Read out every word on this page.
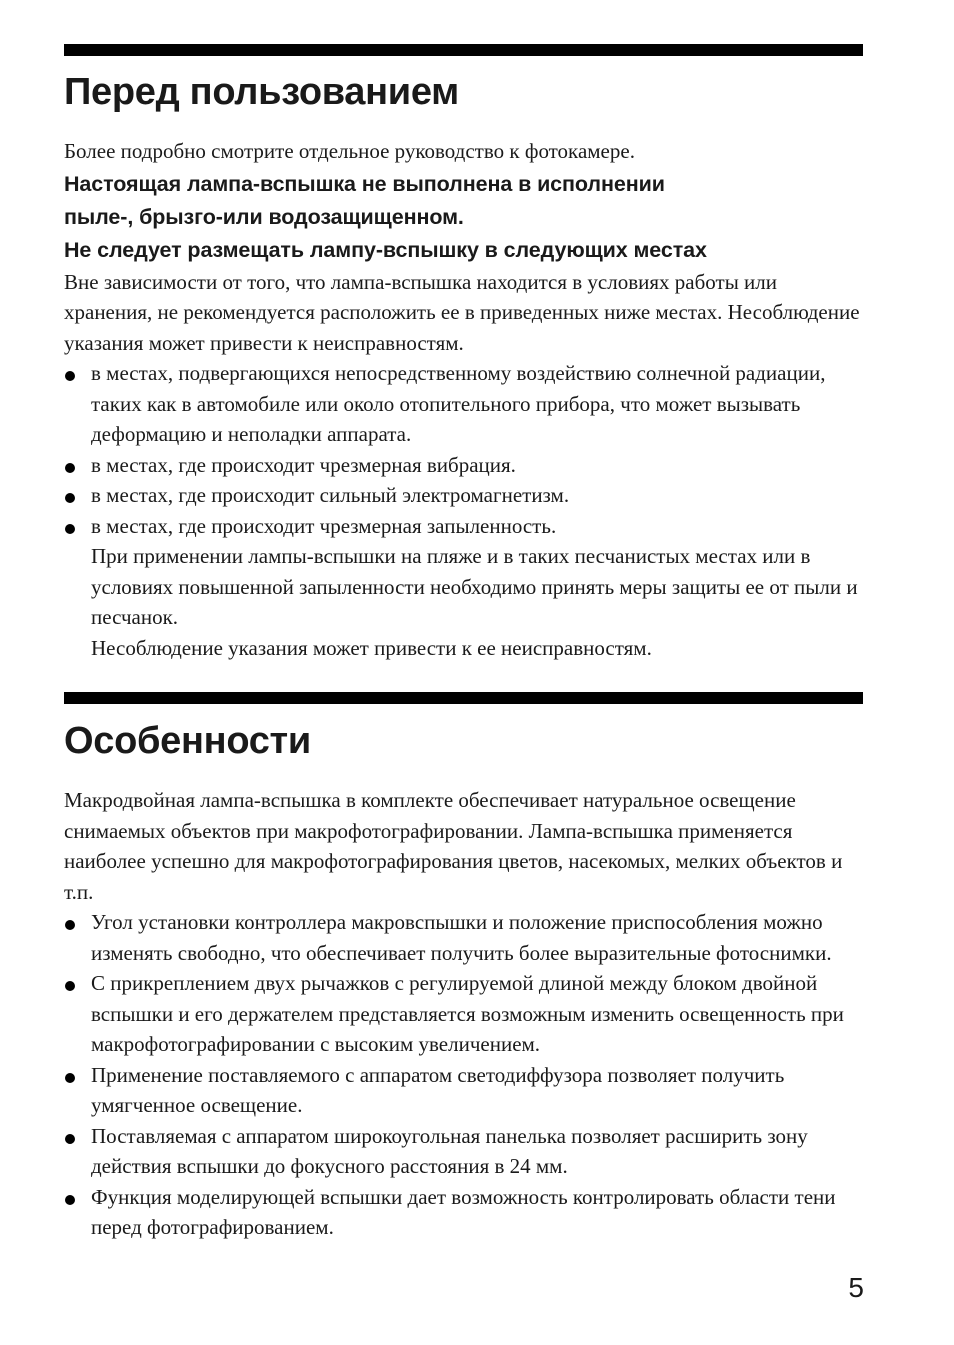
Перед пользованием

Более подробно смотрите отдельное руководство к фотокамере.

Настоящая лампа-вспышка не выполнена в исполнении

пыле-, брызго-или водозащищенном.

Не следует размещать лампу-вспышку в следующих местах

Вне зависимости от того, что лампа-вспышка находится в условиях работы или хранения, не рекомендуется расположить ее в приведенных ниже местах. Несоблюдение указания может привести к неисправностям.

в местах, подвергающихся непосредственному воздействию солнечной радиации, таких как в автомобиле или около отопительного прибора, что может вызывать деформацию и неполадки аппарата.
в местах, где происходит чрезмерная вибрация.
в местах, где происходит сильный электромагнетизм.
в местах, где происходит чрезмерная запыленность.

При применении лампы-вспышки на пляже и в таких песчанистых местах или в условиях повышенной запыленности необходимо принять меры защиты ее от пыли и песчанок.

Несоблюдение указания может привести к ее неисправностям.

Особенности

Макродвойная лампа-вспышка в комплекте обеспечивает натуральное освещение снимаемых объектов при макрофотографировании. Лампа-вспышка применяется наиболее успешно для макрофотографирования цветов, насекомых, мелких объектов и т.п.

Угол установки контроллера макровспышки и положение приспособления можно изменять свободно, что обеспечивает получить более выразительные фотоснимки.
С прикреплением двух рычажков с регулируемой длиной между блоком двойной вспышки и его держателем представляется возможным изменить освещенность при макрофотографировании с высоким увеличением.
Применение поставляемого с аппаратом светодиффузора позволяет получить умягченное освещение.
Поставляемая с аппаратом широкоугольная панелька позволяет расширить зону действия вспышки до фокусного расстояния в 24 мм.
Функция моделирующей вспышки дает возможность контролировать области тени перед фотографированием.
5
